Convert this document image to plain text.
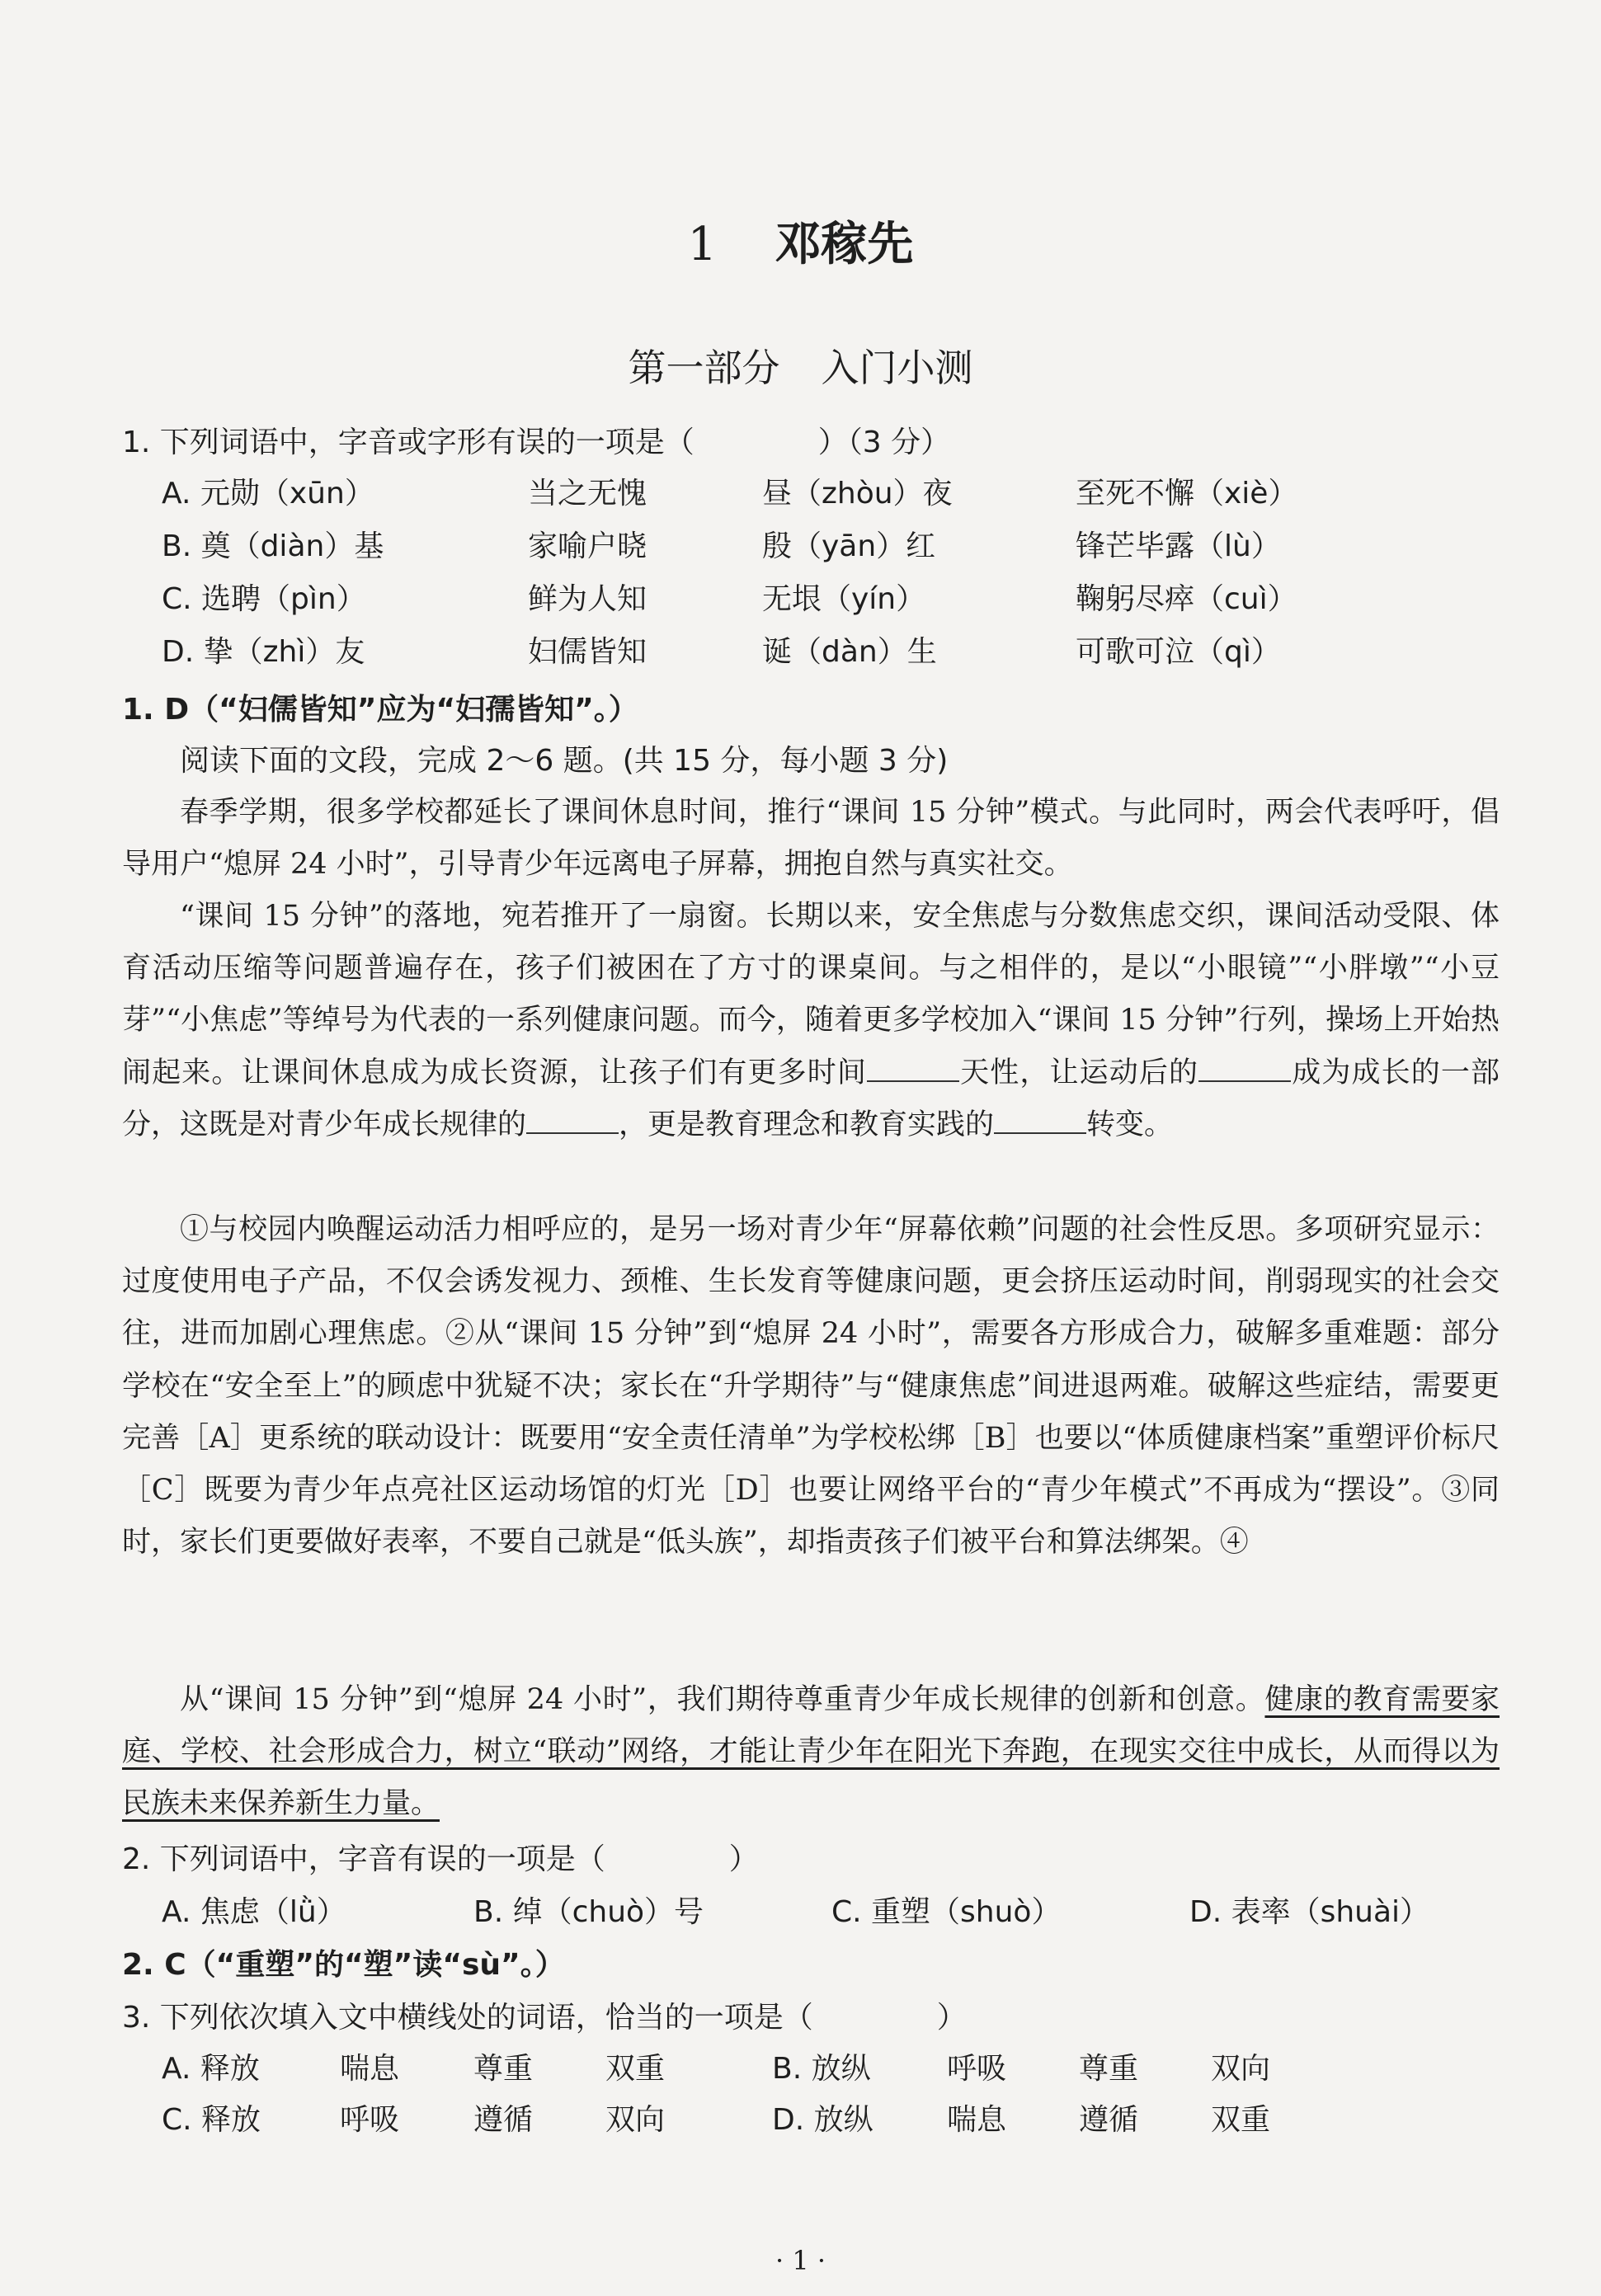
1 邓稼先
第一部分 入门小测
1. 下列词语中，字音或字形有误的一项是（	）（3 分）
A. 元勋（xūn）	当之无愧	昼（zhòu）夜	至死不懈（xiè）
B. 奠（diàn）基	家喻户晓	殷（yān）红	锋芒毕露（lù）
C. 选聘（pìn）	鲜为人知	无垠（yín）	鞠躬尽瘁（cuì）
D. 挚（zhì）友	妇儒皆知	诞（dàn）生	可歌可泣（qì）
1. D（“妇儒皆知”应为“妇孺皆知”。）
阅读下面的文段，完成 2～6 题。(共 15 分，每小题 3 分)
春季学期，很多学校都延长了课间休息时间，推行“课间 15 分钟”模式。与此同时，两会代表呼吁，倡导用户“熄屏 24 小时”，引导青少年远离电子屏幕，拥抱自然与真实社交。
“课间 15 分钟”的落地，宛若推开了一扇窗。长期以来，安全焦虑与分数焦虑交织，课间活动受限、体育活动压缩等问题普遍存在，孩子们被困在了方寸的课桌间。与之相伴的，是以“小眼镜”“小胖墩”“小豆芽”“小焦虑”等绰号为代表的一系列健康问题。而今，随着更多学校加入“课间 15 分钟”行列，操场上开始热闹起来。让课间休息成为成长资源，让孩子们有更多时间	天性，让运动后的	成为成长的一部分，这既是对青少年成长规律的	，更是教育理念和教育实践的	转变。
①与校园内唤醒运动活力相呼应的，是另一场对青少年“屏幕依赖”问题的社会性反思。多项研究显示：过度使用电子产品，不仅会诱发视力、颈椎、生长发育等健康问题，更会挤压运动时间，削弱现实的社会交往，进而加剧心理焦虑。②从“课间 15 分钟”到“熄屏 24 小时”，需要各方形成合力，破解多重难题：部分学校在“安全至上”的顾虑中犹疑不决；家长在“升学期待”与“健康焦虑”间进退两难。破解这些症结，需要更完善［A］更系统的联动设计：既要用“安全责任清单”为学校松绑［B］也要以“体质健康档案”重塑评价标尺［C］既要为青少年点亮社区运动场馆的灯光［D］也要让网络平台的“青少年模式”不再成为“摆设”。③同时，家长们更要做好表率，不要自己就是“低头族”，却指责孩子们被平台和算法绑架。④
从“课间 15 分钟”到“熄屏 24 小时”，我们期待尊重青少年成长规律的创新和创意。健康的教育需要家庭、学校、社会形成合力，树立“联动”网络，才能让青少年在阳光下奔跑，在现实交往中成长，从而得以为民族未来保养新生力量。
2. 下列词语中，字音有误的一项是（	）
A. 焦虑（lǜ）	B. 绰（chuò）号	C. 重塑（shuò）	D. 表率（shuài）
2. C（“重塑”的“塑”读“sù”。）
3. 下列依次填入文中横线处的词语，恰当的一项是（	）
A. 释放	喘息 尊重 双重	B. 放纵	呼吸 尊重 双向
C. 释放	呼吸 遵循 双向	D. 放纵 喘息 遵循 双重
· 1 ·
